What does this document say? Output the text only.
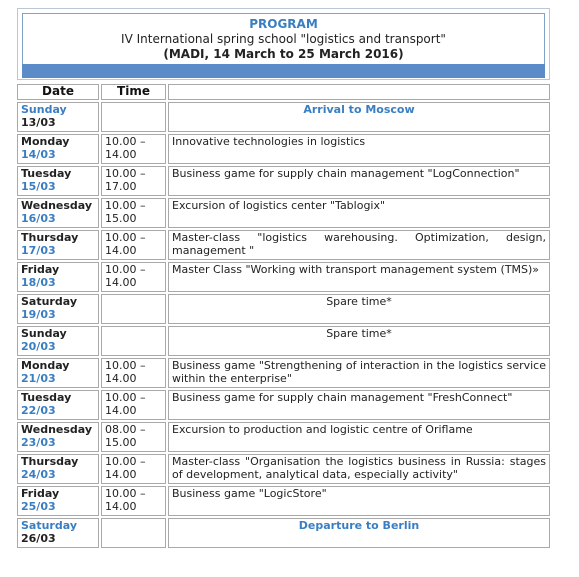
PROGRAM
IV International spring school "logistics and transport"
(MADI, 14 March to 25 March 2016)
Date	Time	

Sunday
13/03		Arrival to Moscow

Monday
14/03	10.00 – 14.00	Innovative technologies in logistics

Tuesday
15/03	10.00 – 17.00	Business game for supply chain management "LogConnection"

Wednesday
16/03	10.00 – 15.00	Excursion of logistics center "Tablogix"

Thursday
17/03	10.00 – 14.00	Master-class "logistics warehousing. Optimization, design, management "

Friday
18/03	10.00 – 14.00	Master Class "Working with transport management system (TMS)»

Saturday
19/03		Spare time*

Sunday
20/03		Spare time*

Monday
21/03	10.00 – 14.00	Business game "Strengthening of interaction in the logistics service within the enterprise"

Tuesday
22/03	10.00 – 14.00	Business game for supply chain management "FreshConnect"

Wednesday
23/03	08.00 – 15.00	Excursion to production and logistic centre of Oriflame

Thursday
24/03	10.00 – 14.00	Master-class "Organisation the logistics business in Russia: stages of development, analytical data, especially activity"

Friday
25/03	10.00 – 14.00	Business game "LogicStore"

Saturday
26/03		Departure to Berlin
